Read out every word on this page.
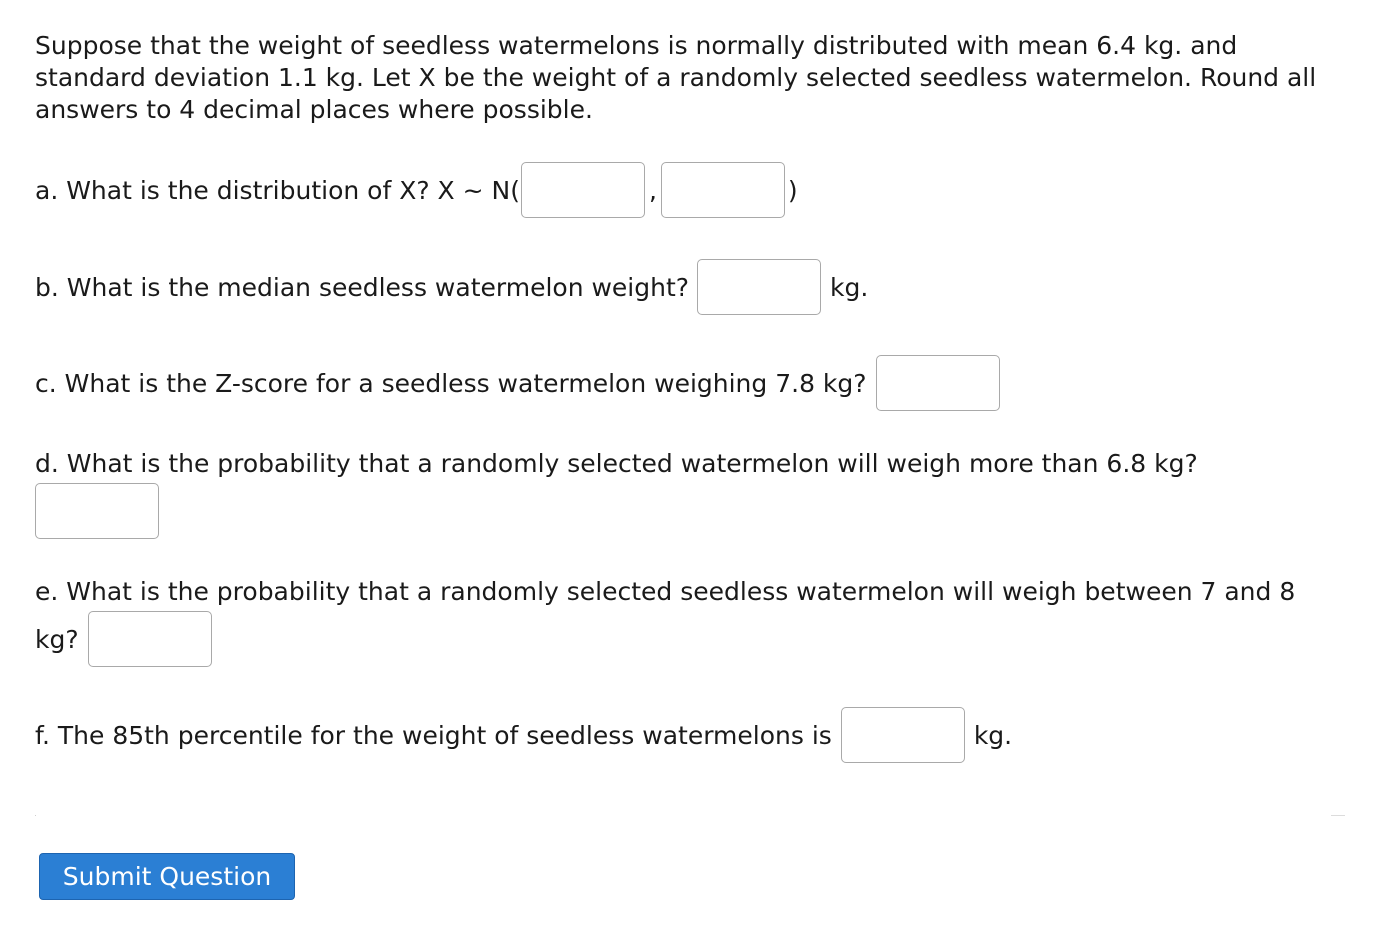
Suppose that the weight of seedless watermelons is normally distributed with mean 6.4 kg. and
standard deviation 1.1 kg. Let X be the weight of a randomly selected seedless watermelon. Round all
answers to 4 decimal places where possible.
a. What is the distribution of X? X ~ N(	,	)
b. What is the median seedless watermelon weight?	kg.
c. What is the Z-score for a seedless watermelon weighing 7.8 kg?
d. What is the probability that a randomly selected watermelon will weigh more than 6.8 kg?
e. What is the probability that a randomly selected seedless watermelon will weigh between 7 and 8
kg?
f. The 85th percentile for the weight of seedless watermelons is	kg.
Submit Question
